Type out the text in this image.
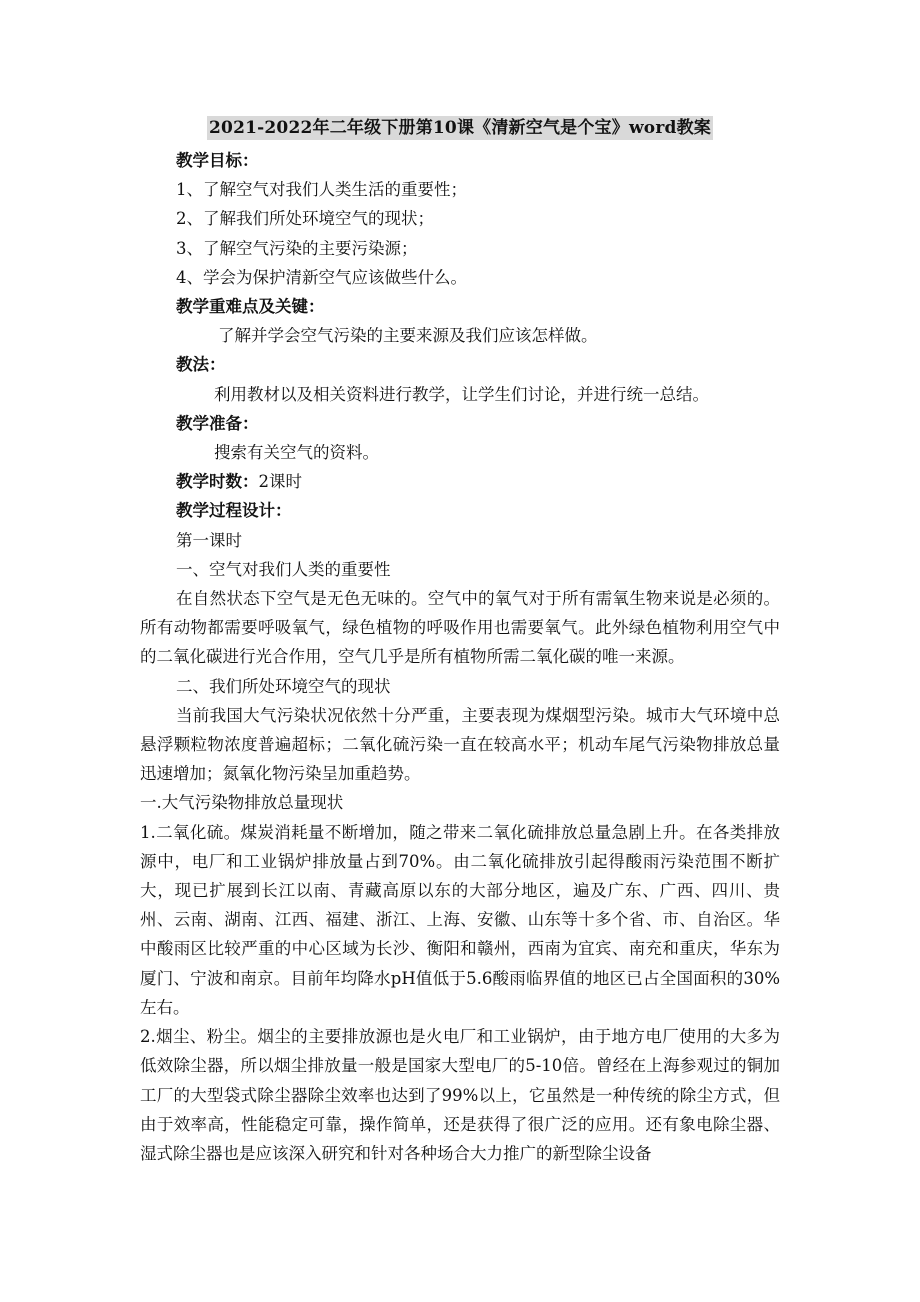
2021-2022年二年级下册第10课《清新空气是个宝》word教案

教学目标：

1、了解空气对我们人类生活的重要性；

2、了解我们所处环境空气的现状；

3、了解空气污染的主要污染源；

4、学会为保护清新空气应该做些什么。

教学重难点及关键：

了解并学会空气污染的主要来源及我们应该怎样做。

教法：

利用教材以及相关资料进行教学，让学生们讨论，并进行统一总结。

教学准备：

搜索有关空气的资料。

教学时数：2课时

教学过程设计：

第一课时

一、空气对我们人类的重要性

在自然状态下空气是无色无味的。空气中的氧气对于所有需氧生物来说是必须的。所有动物都需要呼吸氧气，绿色植物的呼吸作用也需要氧气。此外绿色植物利用空气中的二氧化碳进行光合作用，空气几乎是所有植物所需二氧化碳的唯一来源。

二、我们所处环境空气的现状

当前我国大气污染状况依然十分严重，主要表现为煤烟型污染。城市大气环境中总悬浮颗粒物浓度普遍超标；二氧化硫污染一直在较高水平；机动车尾气污染物排放总量迅速增加；氮氧化物污染呈加重趋势。

一.大气污染物排放总量现状

1.二氧化硫。煤炭消耗量不断增加，随之带来二氧化硫排放总量急剧上升。在各类排放源中，电厂和工业锅炉排放量占到70%。由二氧化硫排放引起得酸雨污染范围不断扩大，现已扩展到长江以南、青藏高原以东的大部分地区，遍及广东、广西、四川、贵州、云南、湖南、江西、福建、浙江、上海、安徽、山东等十多个省、市、自治区。华中酸雨区比较严重的中心区域为长沙、衡阳和赣州，西南为宜宾、南充和重庆，华东为厦门、宁波和南京。目前年均降水pH值低于5.6酸雨临界值的地区已占全国面积的30%左右。

2.烟尘、粉尘。烟尘的主要排放源也是火电厂和工业锅炉，由于地方电厂使用的大多为低效除尘器，所以烟尘排放量一般是国家大型电厂的5-10倍。曾经在上海参观过的铜加工厂的大型袋式除尘器除尘效率也达到了99%以上，它虽然是一种传统的除尘方式，但由于效率高，性能稳定可靠，操作简单，还是获得了很广泛的应用。还有象电除尘器、湿式除尘器也是应该深入研究和针对各种场合大力推广的新型除尘设备
